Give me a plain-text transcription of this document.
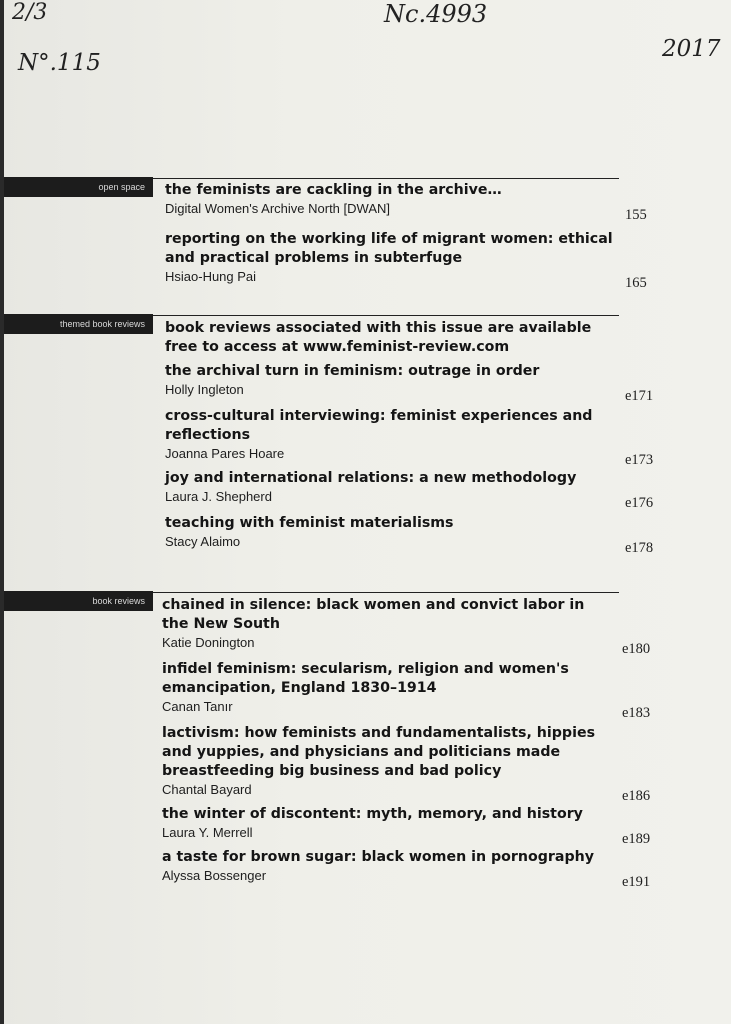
2/3
N°.115
Nc.4993
2017
open space	the feminists are cackling in the archive…

Digital Women's Archive North [DWAN]	155

reporting on the working life of migrant women: ethical and practical problems in subterfuge

Hsiao-Hung Pai	165
themed book reviews	book reviews associated with this issue are available free to access at www.feminist-review.com

the archival turn in feminism: outrage in order

Holly Ingleton	e171

cross-cultural interviewing: feminist experiences and reflections

Joanna Pares Hoare	e173

joy and international relations: a new methodology

Laura J. Shepherd	e176

teaching with feminist materialisms

Stacy Alaimo	e178
book reviews	chained in silence: black women and convict labor in the New South

Katie Donington	e180

infidel feminism: secularism, religion and women's emancipation, England 1830–1914

Canan Tanır	e183

lactivism: how feminists and fundamentalists, hippies and yuppies, and physicians and politicians made breastfeeding big business and bad policy

Chantal Bayard	e186

the winter of discontent: myth, memory, and history

Laura Y. Merrell	e189

a taste for brown sugar: black women in pornography

Alyssa Bossenger	e191
